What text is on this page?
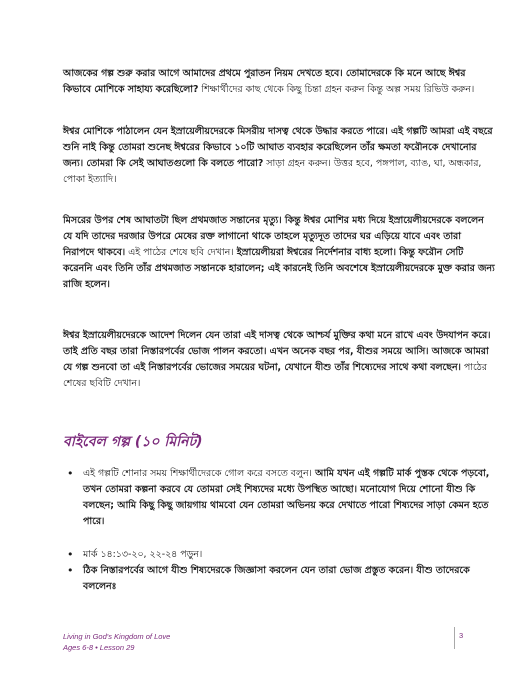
আজকের গল্প শুরু করার আগে আমাদের প্রথমে পুরাতন নিয়ম দেখতে হবে। তোমাদেরকে কি মনে আছে ঈশ্বর কিভাবে মোশিকে সাহায্য করেছিলো? শিক্ষার্থীদের কাছ থেকে কিছু চিন্তা গ্রহন করুন কিন্তু অল্প সময় রিভিউ করুন।

ঈশ্বর মোশিকে পাঠালেন যেন ইস্রায়েলীয়দেরকে মিসরীয় দাসত্ব থেকে উদ্ধার করতে পারে। এই গল্পটি আমরা এই বছরে শুনি নাই কিন্তু তোমরা শুনেছ ঈশ্বরের কিভাবে ১০টি আঘাত ব্যবহার করেছিলেন তাঁর ক্ষমতা ফরৌনকে দেখানোর জন্য। তোমরা কি সেই আঘাতগুলো কি বলতে পারো? সাড়া গ্রহন করুন। উত্তর হবে, পঙ্গপাল, ব্যাঙ, ঘা, অন্ধকার, পোকা ইত্যাদি।

মিসরের উপর শেষ আঘাতটা ছিল প্রথমজাত সন্তানের মৃত্যু। কিন্তু ঈশ্বর মোশির মধ্য দিয়ে ইস্রায়েলীয়দেরকে বললেন যে যদি তাদের দরজার উপরে মেষের রক্ত লাগানো থাকে তাহলে মৃত্যুদূত তাদের ঘর এড়িয়ে যাবে এবং তারা নিরাপদে থাকবে। এই পাঠের শেষে ছবি দেখান। ইস্রায়েলীয়রা ঈশ্বরের নির্দেশনার বাধ্য হলো। কিন্তু ফরৌন সেটি করেননি এবং তিনি তাঁর প্রথমজাত সন্তানকে হারালেন; এই কারনেই তিনি অবশেষে ইস্রায়েলীয়দেরকে মুক্ত করার জন্য রাজি হলেন।

ঈশ্বর ইস্রায়েলীয়দেরকে আদেশ দিলেন যেন তারা এই দাসত্ব থেকে আশ্চর্য মুক্তির কথা মনে রাখে এবং উদযাপন করে। তাই প্রতি বছর তারা নিস্তারপর্বের ভোজ পালন করতো। এখন অনেক বছর পর, যীশুর সময়ে আসি। আজকে আমরা যে গল্প শুনবো তা এই নিস্তারপর্বের ভোজের সময়ের ঘটনা, যেখানে যীশু তাঁর শিষ্যেদের সাথে কথা বলছেন। পাঠের শেষের ছবিটি দেখান।

বাইবেল গল্প (১০ মিনিট)
• এই গল্পটি শোনার সময় শিক্ষার্থীদেরকে গোল করে বসতে বলুন। আমি যখন এই গল্পটি মার্ক পুস্তক থেকে পড়বো, তখন তোমরা কল্পনা করবে যে তোমরা সেই শিষ্যদের মধ্যে উপস্থিত আছো। মনোযোগ দিয়ে শোনো যীশু কি বলছেন; আমি কিছু কিছু জায়গায় থামবো যেন তোমরা অভিনয় করে দেখাতে পারো শিষ্যদের সাড়া কেমন হতে পারে।
• মার্ক ১৪:১৩-২০, ২২-২৪ পড়ুন।
• ঠিক নিস্তারপর্বের আগে যীশু শিষ্যদেরকে জিজ্ঞাসা করলেন যেন তারা ভোজ প্রস্তুত করেন। যীশু তাদেরকে বললেনঃ
Living in God's Kingdom of Love
Ages 6-8 • Lesson 29
3
